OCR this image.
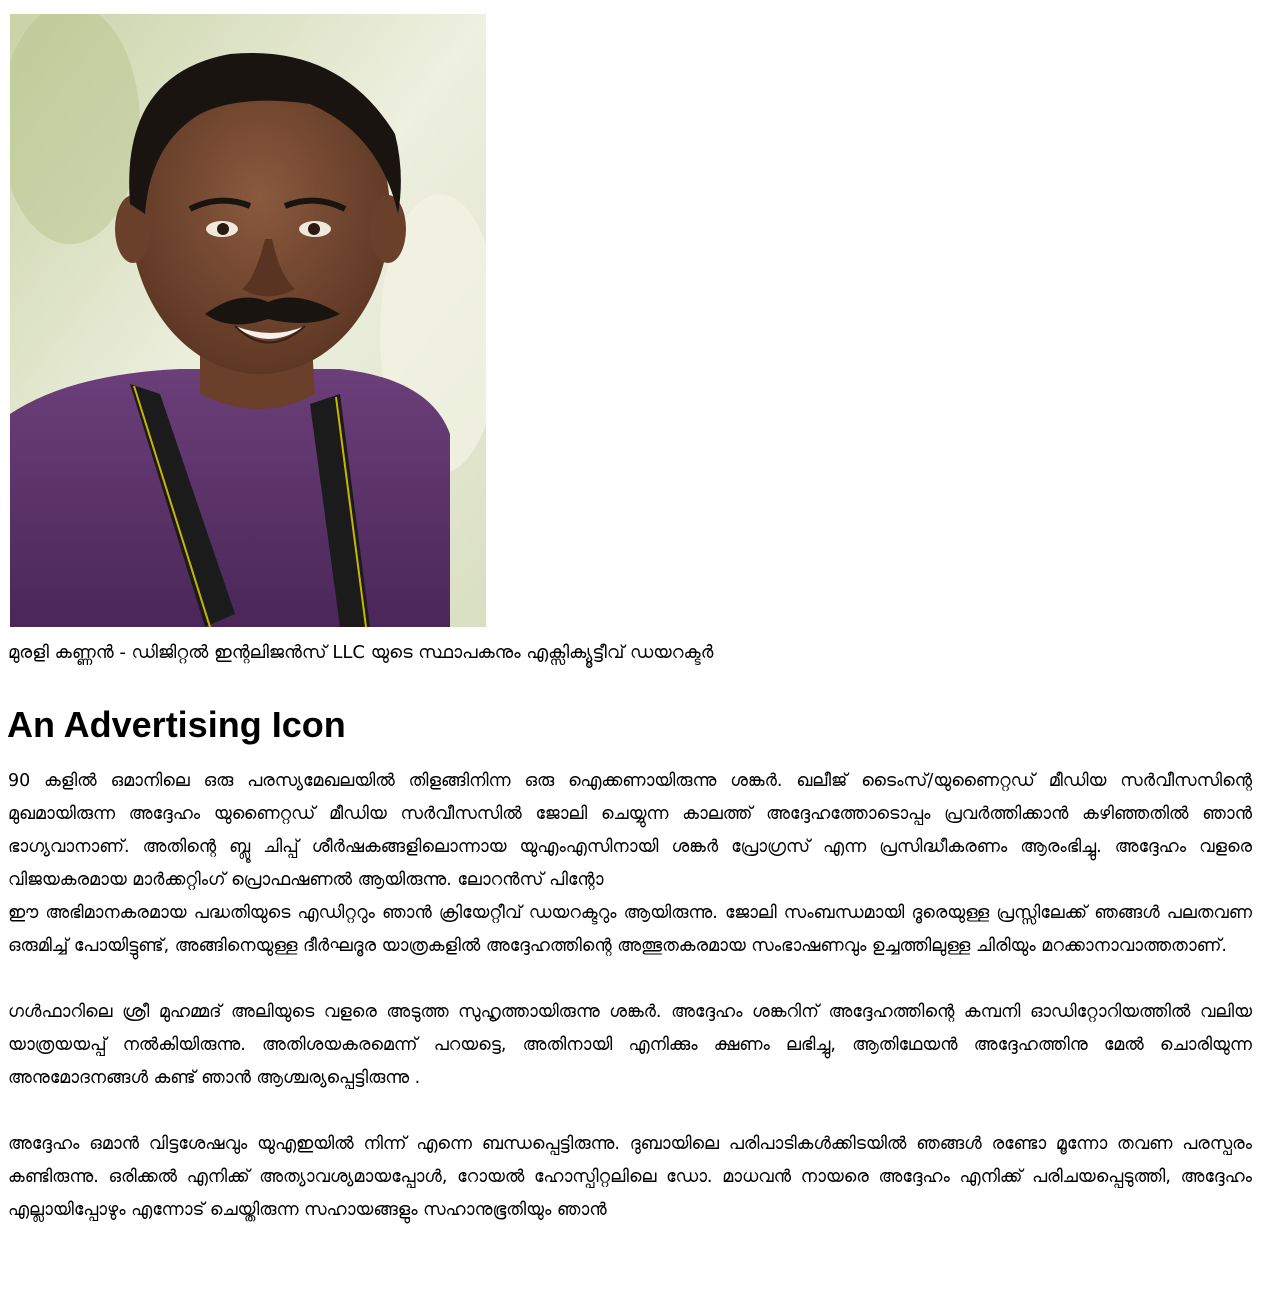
മുരളി കണ്ണൻ - ഡിജിറ്റൽ ഇന്റലിജൻസ് LLC യുടെ സ്ഥാപകനും എക്സിക്യൂട്ടീവ് ഡയറക്ടർ
An Advertising Icon

90 കളിൽ ഒമാനിലെ ഒരു പരസ്യമേഖലയിൽ തിളങ്ങിനിന്ന ഒരു ഐക്കണായിരുന്നു ശങ്കർ. ഖലീജ് ടൈംസ്/യുണൈറ്റഡ് മീഡിയ സർവീസസിന്റെ മുഖമായിരുന്ന അദ്ദേഹം യുണൈറ്റഡ് മീഡിയ സർവീസസിൽ ജോലി ചെയ്യുന്ന കാലത്ത് അദ്ദേഹത്തോടൊപ്പം പ്രവർത്തിക്കാൻ കഴിഞ്ഞതിൽ ഞാൻ ഭാഗ്യവാനാണ്. അതിന്റെ ബ്ലൂ ചിപ്പ് ശീർഷകങ്ങളിലൊന്നായ യുഎംഎസിനായി ശങ്കർ പ്രോഗ്രസ് എന്ന പ്രസിദ്ധീകരണം ആരംഭിച്ചു. അദ്ദേഹം വളരെ വിജയകരമായ മാർക്കറ്റിംഗ് പ്രൊഫഷണൽ ആയിരുന്നു. ലോറൻസ് പിന്റോ

ഈ അഭിമാനകരമായ പദ്ധതിയുടെ എഡിറ്ററും ഞാൻ ക്രിയേറ്റീവ് ഡയറക്ടറും ആയിരുന്നു. ജോലി സംബന്ധമായി ദൂരെയുള്ള പ്രസ്സിലേക്ക് ഞങ്ങൾ പലതവണ ഒരുമിച്ച് പോയിട്ടുണ്ട്, അങ്ങിനെയുള്ള ദീർഘദൂര യാത്രകളിൽ അദ്ദേഹത്തിന്റെ അത്ഭുതകരമായ സംഭാഷണവും ഉച്ചത്തിലുള്ള ചിരിയും മറക്കാനാവാത്തതാണ്.

ഗൾഫാറിലെ ശ്രീ മുഹമ്മദ് അലിയുടെ വളരെ അടുത്ത സുഹൃത്തായിരുന്നു ശങ്കർ. അദ്ദേഹം ശങ്കറിന് അദ്ദേഹത്തിന്റെ കമ്പനി ഓഡിറ്റോറിയത്തിൽ വലിയ യാത്രയയപ്പ് നൽകിയിരുന്നു. അതിശയകരമെന്ന് പറയട്ടെ, അതിനായി എനിക്കും ക്ഷണം ലഭിച്ചു, ആതിഥേയൻ അദ്ദേഹത്തിനു മേൽ ചൊരിയുന്ന അനുമോദനങ്ങൾ കണ്ട് ഞാൻ ആശ്ചര്യപ്പെട്ടിരുന്നു .

അദ്ദേഹം ഒമാൻ വിട്ടശേഷവും യുഎഇയിൽ നിന്ന് എന്നെ ബന്ധപ്പെട്ടിരുന്നു. ദുബായിലെ പരിപാടികൾക്കിടയിൽ ഞങ്ങൾ രണ്ടോ മൂന്നോ തവണ പരസ്പരം കണ്ടിരുന്നു. ഒരിക്കൽ എനിക്ക് അത്യാവശ്യമായപ്പോൾ, റോയൽ ഹോസ്പിറ്റലിലെ ഡോ. മാധവൻ നായരെ അദ്ദേഹം എനിക്ക് പരിചയപ്പെടുത്തി, അദ്ദേഹം എല്ലായിപ്പോഴും എന്നോട് ചെയ്തിരുന്ന സഹായങ്ങളും സഹാനുഭൂതിയും ഞാൻ
